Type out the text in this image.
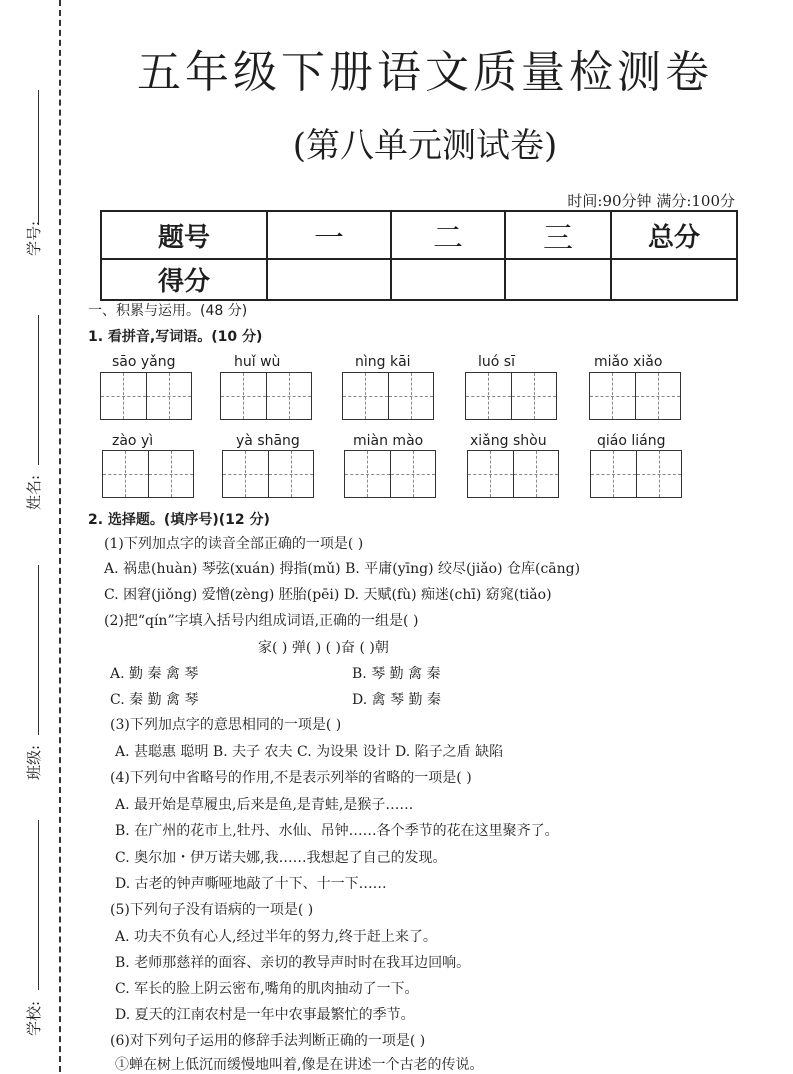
学号:
姓名:
班级:
学校:
五年级下册语文质量检测卷
(第八单元测试卷)
时间:90分钟 满分:100分
题号	一	二	三	总分
得分				
一、积累与运用。(48 分)
1. 看拼音,写词语。(10 分)
sāo yǎng	huǐ wù	nìng kāi	luó sī	miǎo xiǎo
zào yì	yà shāng	miàn mào	xiǎng shòu	qiáo liáng
2. 选择题。(填序号)(12 分)
(1)下列加点字的读音全部正确的一项是( )
A. 祸患(huàn) 琴弦(xuán) 拇指(mǔ) B. 平庸(yīng) 绞尽(jiǎo) 仓库(cāng)
C. 困窘(jiǒng) 爱憎(zèng) 胚胎(pēi) D. 天赋(fù) 痴迷(chī) 窈窕(tiǎo)
(2)把“qín”字填入括号内组成词语,正确的一组是( )
家( ) 弹( ) ( )奋 ( )朝
A. 勤 秦 禽 琴	B. 琴 勤 禽 秦
C. 秦 勤 禽 琴	D. 禽 琴 勤 秦
(3)下列加点字的意思相同的一项是( )
A. 甚聪惠 聪明 B. 夫子 农夫 C. 为设果 设计 D. 陷子之盾 缺陷
(4)下列句中省略号的作用,不是表示列举的省略的一项是( )
A. 最开始是草履虫,后来是鱼,是青蛙,是猴子……
B. 在广州的花市上,牡丹、水仙、吊钟……各个季节的花在这里聚齐了。
C. 奥尔加・伊万诺夫娜,我……我想起了自己的发现。
D. 古老的钟声嘶哑地敲了十下、十一下……
(5)下列句子没有语病的一项是( )
A. 功夫不负有心人,经过半年的努力,终于赶上来了。
B. 老师那慈祥的面容、亲切的教导声时时在我耳边回响。
C. 军长的脸上阴云密布,嘴角的肌肉抽动了一下。
D. 夏天的江南农村是一年中农事最繁忙的季节。
(6)对下列句子运用的修辞手法判断正确的一项是( )
①蝉在树上低沉而缓慢地叫着,像是在讲述一个古老的传说。
